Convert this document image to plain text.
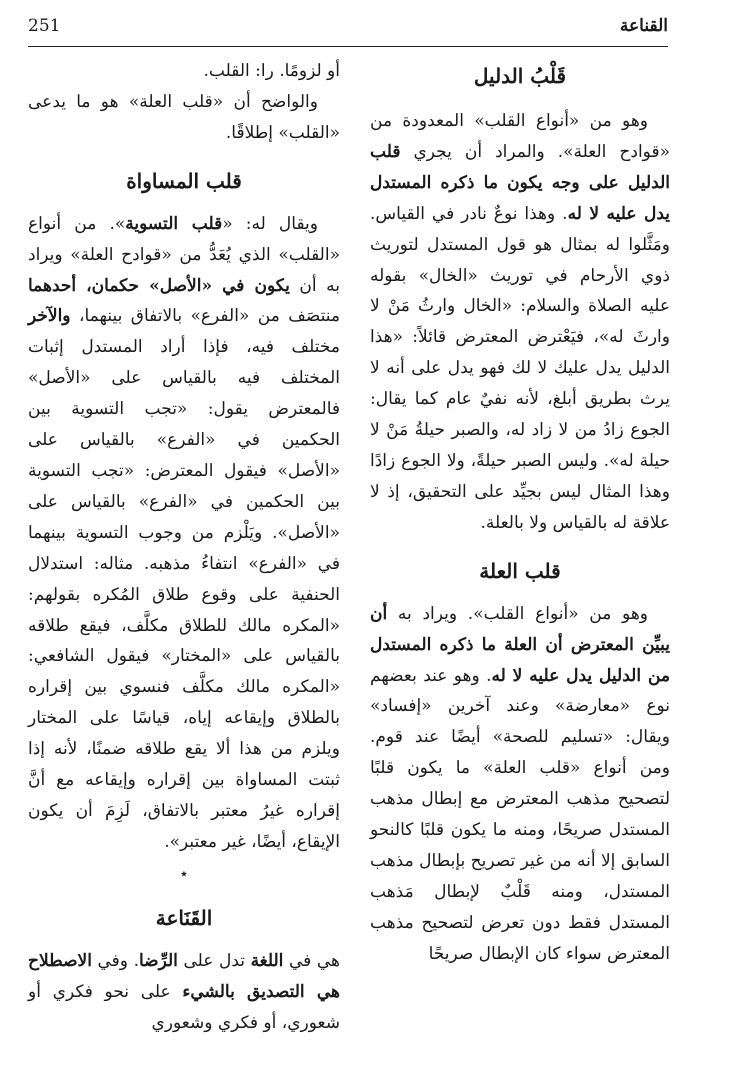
القناعة
251
قَلْبُ الدليل

وهو من «أنواع القلب» المعدودة من «قوادح العلة». والمراد أن يجري قلب الدليل على وجه يكون ما ذكره المستدل يدل عليه لا له. وهذا نوعٌ نادر في القياس. ومَثَّلوا له بمثال هو قول المستدل لتوريث ذوي الأرحام في توريث «الخال» بقوله عليه الصلاة والسلام: «الخال وارثُ مَنْ لا وارثَ له»، فيَعْترض المعترض قائلاً: «هذا الدليل يدل عليك لا لك فهو يدل على أنه لا يرث بطريق أبلغ، لأنه نفيٌ عام كما يقال: الجوع زادُ من لا زاد له، والصبر حيلةُ مَنْ لا حيلة له». وليس الصبر حيلةً، ولا الجوع زادًا وهذا المثال ليس بجيِّد على التحقيق، إذ لا علاقة له بالقياس ولا بالعلة.

قلب العلة

وهو من «أنواع القلب». ويراد به أن يبيِّن المعترض أن العلة ما ذكره المستدل من الدليل يدل عليه لا له. وهو عند بعضهم نوع «معارضة» وعند آخرين «إفساد» ويقال: «تسليم للصحة» أيضًا عند قوم. ومن أنواع «قلب العلة» ما يكون قلبًا لتصحيح مذهب المعترض مع إبطال مذهب المستدل صريحًا، ومنه ما يكون قلبًا كالنحو السابق إلا أنه من غير تصريح بإبطال مذهب المستدل، ومنه قَلْبٌ لإبطال مَذهب المستدل فقط دون تعرض لتصحيح مذهب المعترض سواء كان الإبطال صريحًا

أو لزومًا. را: القلب.

والواضح أن «قلب العلة» هو ما يدعى «القلب» إطلاقًا.

قلب المساواة

ويقال له: «قلب التسوية». من أنواع «القلب» الذي يُعَدُّ من «قوادح العلة» ويراد به أن يكون في «الأصل» حكمان، أحدهما منتصَف من «الفرع» بالاتفاق بينهما، والآخر مختلف فيه، فإذا أراد المستدل إثبات المختلف فيه بالقياس على «الأصل» فالمعترض يقول: «تجب التسوية بين الحكمين في «الفرع» بالقياس على «الأصل» فيقول المعترض: «تجب التسوية بين الحكمين في «الفرع» بالقياس على «الأصل». ويَلْزم من وجوب التسوية بينهما في «الفرع» انتفاءُ مذهبه. مثاله: استدلال الحنفية على وقوع طلاق المُكره بقولهم: «المكره مالك للطلاق مكلَّف، فيقع طلاقه بالقياس على «المختار» فيقول الشافعي: «المكره مالك مكلَّف فنسوي بين إقراره بالطلاق وإيقاعه إياه، قياسًا على المختار ويلزم من هذا ألا يقع طلاقه ضمنًا، لأنه إذا ثبتت المساواة بين إقراره وإيقاعه مع أنَّ إقراره غيرُ معتبر بالاتفاق، لَزِمَ أن يكون الإيقاع، أيضًا، غير معتبر».

٭
القَنَاعة

هي في اللغة تدل على الرِّضا. وفي الاصطلاح هي التصديق بالشيء على نحو فكري أو شعوري، أو فكري وشعوري
